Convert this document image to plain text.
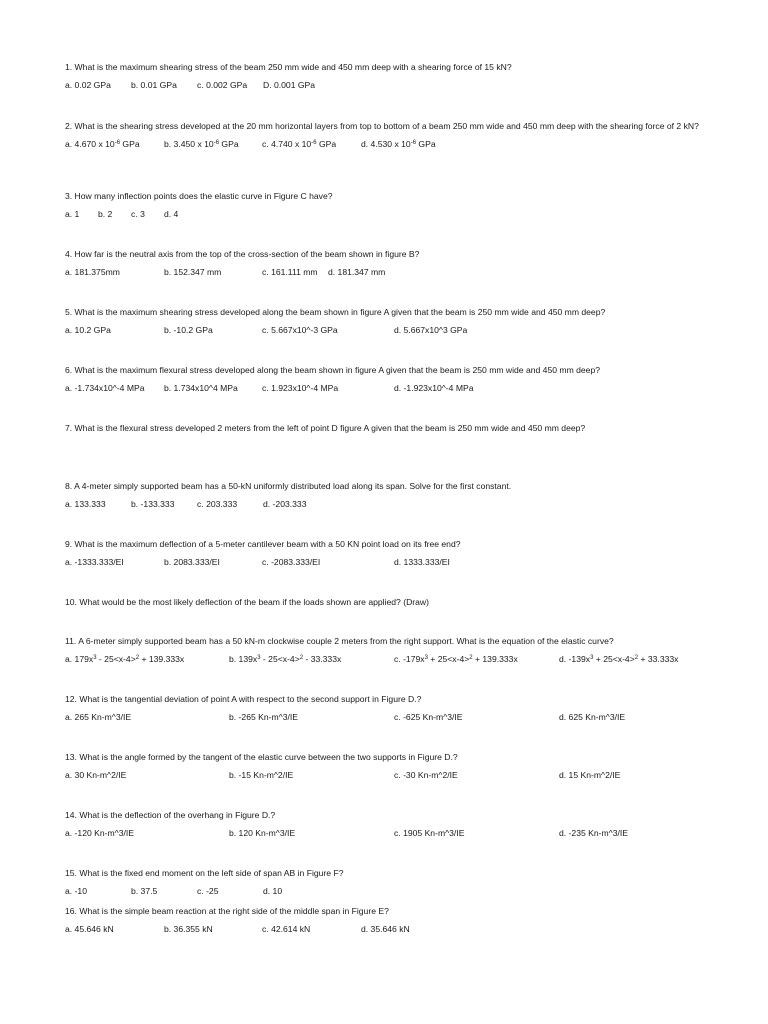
1. What is the maximum shearing stress of the beam 250 mm wide and 450 mm deep with a shearing force of 15 kN?
a. 0.02 GPa b. 0.01 GPa c. 0.002 GPa D. 0.001 GPa
2. What is the shearing stress developed at the 20 mm horizontal layers from top to bottom of a beam 250 mm wide and 450 mm deep with the shearing force of 2 kN?
a. 4.670 x $10^{-6}$ GPa	b. 3.450 x $10^{-6}$ GPa	c. 4.740 x $10^{-6}$ GPa	d. 4.530 x $10^{-6}$ GPa
3. How many inflection points does the elastic curve in Figure C have?
a. 1 b. 2 c. 3 d. 4
4. How far is the neutral axis from the top of the cross-section of the beam shown in figure B?
a. 181.375mm	b. 152.347 mm	c. 161.111 mm d. 181.347 mm
5. What is the maximum shearing stress developed along the beam shown in figure A given that the beam is 250 mm wide and 450 mm deep?
a. 10.2 GPa	b. -10.2 GPa	c. 5.667x10^-3 GPa	d. 5.667x10^3 GPa
6. What is the maximum flexural stress developed along the beam shown in figure A given that the beam is 250 mm wide and 450 mm deep?
a. -1.734x10^-4 MPa b. 1.734x10^4 MPa	c. 1.923x10^-4 MPa	d. -1.923x10^-4 MPa
7. What is the flexural stress developed 2 meters from the left of point D figure A given that the beam is 250 mm wide and 450 mm deep?
8. A 4-meter simply supported beam has a 50-kN uniformly distributed load along its span. Solve for the first constant.
a. 133.333	b. -133.333	c. 203.333	d. -203.333
9. What is the maximum deflection of a 5-meter cantilever beam with a 50 KN point load on its free end?
a. -1333.333/EI	b. 2083.333/EI	c. -2083.333/EI	d. 1333.333/EI
10. What would be the most likely deflection of the beam if the loads shown are applied? (Draw)
11. A 6-meter simply supported beam has a 50 kN-m clockwise couple 2 meters from the right support. What is the equation of the elastic curve?
a. $179x^3 - 25<x-4>^2 + 139.333x$	b. $139x^3 - 25<x-4>^2 - 33.333x$	c. $-179x^3 + 25<x-4>^2 + 139.333x$	d. $-139x^3 + 25<x-4>^2 + 33.333x$
12. What is the tangential deviation of point A with respect to the second support in Figure D.?
a. 265 Kn-m^3/IE	b. -265 Kn-m^3/IE	c. -625 Kn-m^3/IE	d. 625 Kn-m^3/IE
13. What is the angle formed by the tangent of the elastic curve between the two supports in Figure D.?
a. 30 Kn-m^2/IE	b. -15 Kn-m^2/IE	c. -30 Kn-m^2/IE	d. 15 Kn-m^2/IE
14. What is the deflection of the overhang in Figure D.?
a. -120 Kn-m^3/IE	b. 120 Kn-m^3/IE	c. 1905 Kn-m^3/IE	d. -235 Kn-m^3/IE
15. What is the fixed end moment on the left side of span AB in Figure F?
a. -10	b. 37.5	c. -25	d. 10
16. What is the simple beam reaction at the right side of the middle span in Figure E?
a. 45.646 kN	b. 36.355 kN	c. 42.614 kN	d. 35.646 kN
